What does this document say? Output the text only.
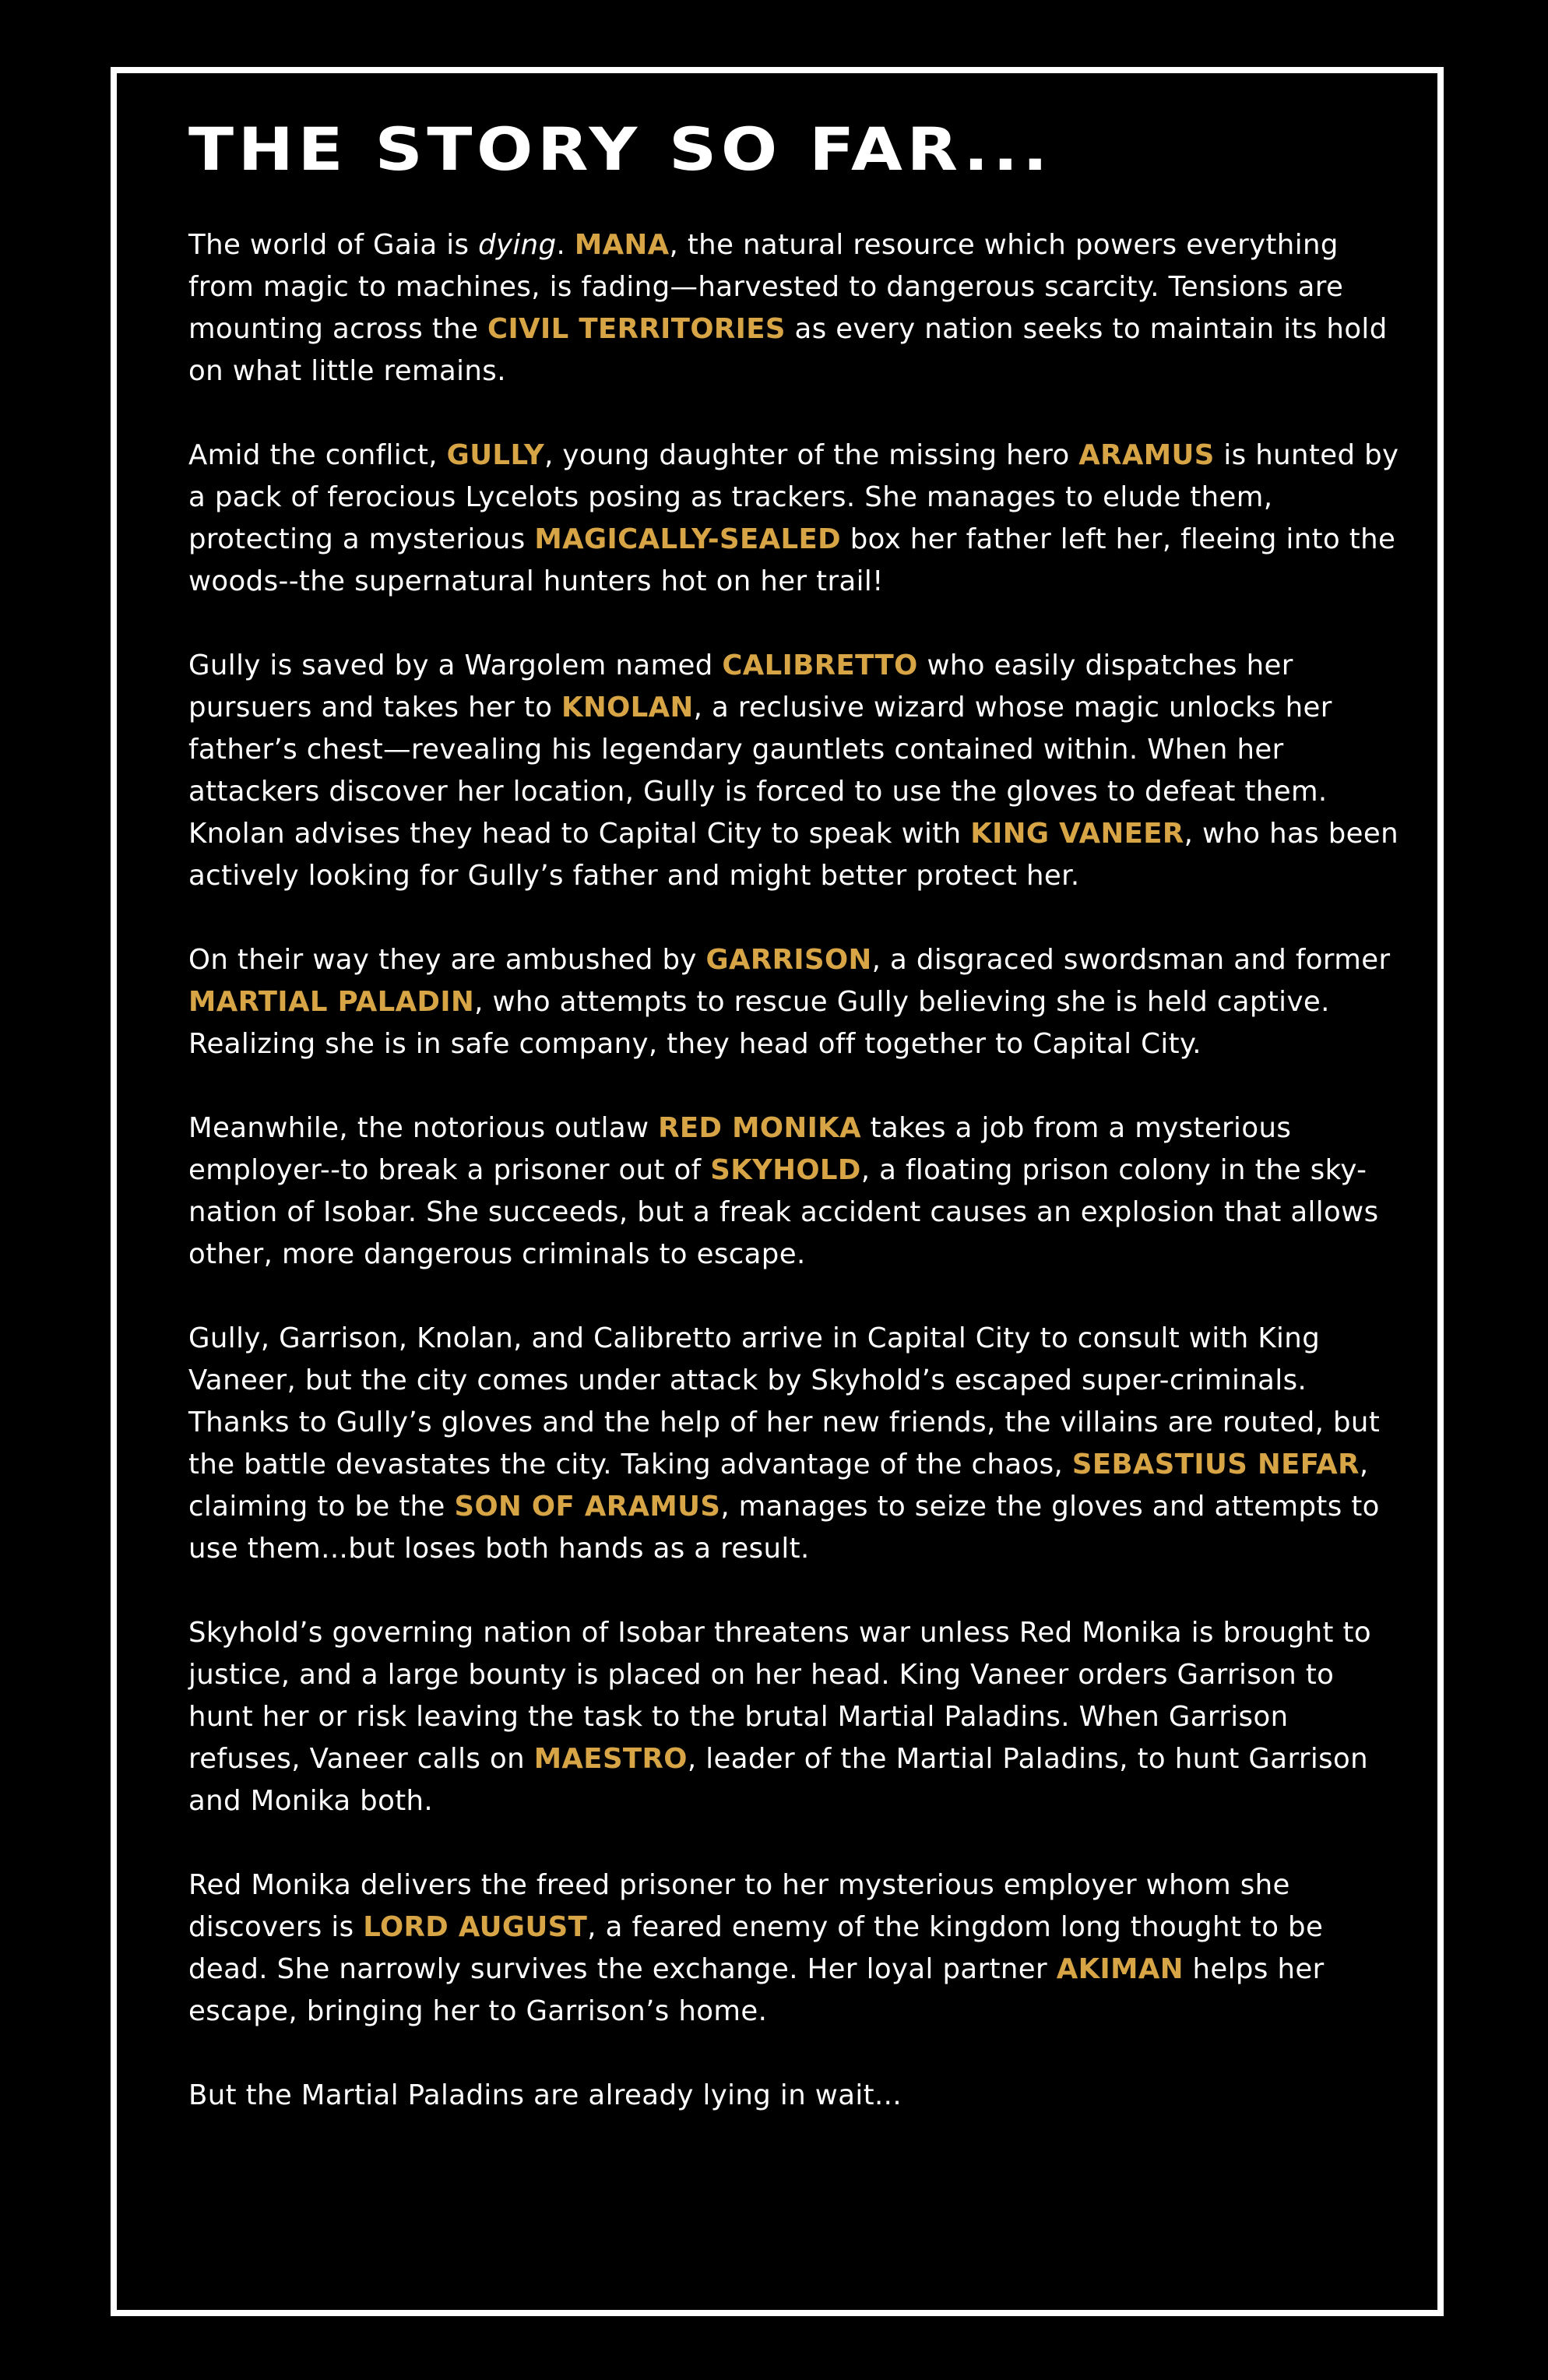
THE STORY SO FAR...

The world of Gaia is dying. MANA, the natural resource which powers everything from magic to machines, is fading—harvested to dangerous scarcity. Tensions are mounting across the CIVIL TERRITORIES as every nation seeks to maintain its hold on what little remains.

Amid the conflict, GULLY, young daughter of the missing hero ARAMUS is hunted by a pack of ferocious Lycelots posing as trackers. She manages to elude them, protecting a mysterious MAGICALLY-SEALED box her father left her, fleeing into the woods--the supernatural hunters hot on her trail!

Gully is saved by a Wargolem named CALIBRETTO who easily dispatches her pursuers and takes her to KNOLAN, a reclusive wizard whose magic unlocks her father’s chest—revealing his legendary gauntlets contained within. When her attackers discover her location, Gully is forced to use the gloves to defeat them. Knolan advises they head to Capital City to speak with KING VANEER, who has been actively looking for Gully’s father and might better protect her.

On their way they are ambushed by GARRISON, a disgraced swordsman and former MARTIAL PALADIN, who attempts to rescue Gully believing she is held captive. Realizing she is in safe company, they head off together to Capital City.

Meanwhile, the notorious outlaw RED MONIKA takes a job from a mysterious employer--to break a prisoner out of SKYHOLD, a floating prison colony in the sky-nation of Isobar. She succeeds, but a freak accident causes an explosion that allows other, more dangerous criminals to escape.

Gully, Garrison, Knolan, and Calibretto arrive in Capital City to consult with King Vaneer, but the city comes under attack by Skyhold’s escaped super-criminals. Thanks to Gully’s gloves and the help of her new friends, the villains are routed, but the battle devastates the city. Taking advantage of the chaos, SEBASTIUS NEFAR, claiming to be the SON OF ARAMUS, manages to seize the gloves and attempts to use them...but loses both hands as a result.

Skyhold’s governing nation of Isobar threatens war unless Red Monika is brought to justice, and a large bounty is placed on her head. King Vaneer orders Garrison to hunt her or risk leaving the task to the brutal Martial Paladins. When Garrison refuses, Vaneer calls on MAESTRO, leader of the Martial Paladins, to hunt Garrison and Monika both.

Red Monika delivers the freed prisoner to her mysterious employer whom she discovers is LORD AUGUST, a feared enemy of the kingdom long thought to be dead. She narrowly survives the exchange. Her loyal partner AKIMAN helps her escape, bringing her to Garrison’s home.

But the Martial Paladins are already lying in wait...
